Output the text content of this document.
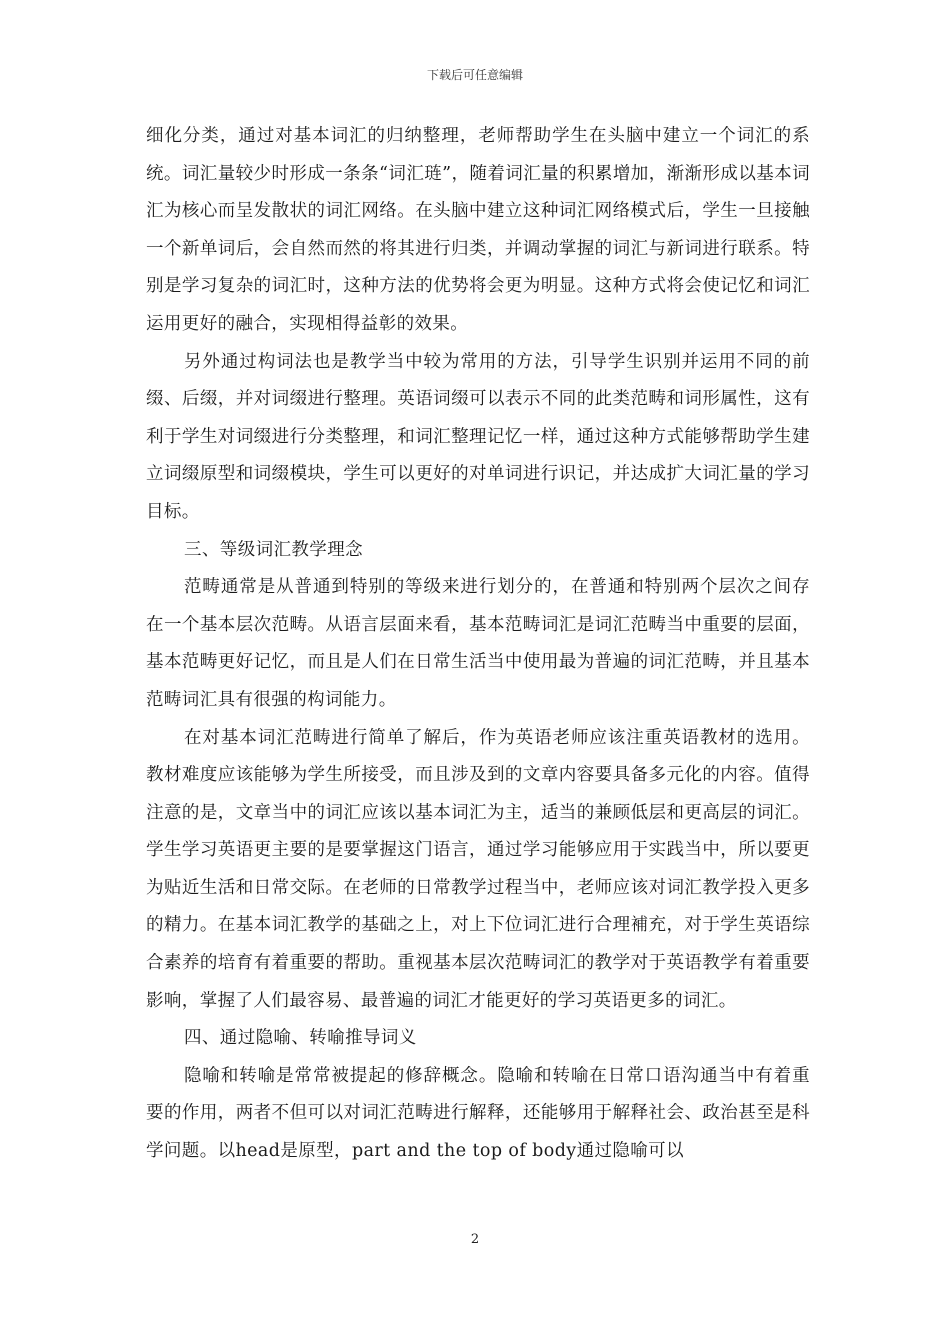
下载后可任意编辑

细化分类，通过对基本词汇的归纳整理，老师帮助学生在头脑中建立一个词汇的系统。词汇量较少时形成一条条“词汇琏”，随着词汇量的积累增加，渐渐形成以基本词汇为核心而呈发散状的词汇网络。在头脑中建立这种词汇网络模式后，学生一旦接触一个新单词后，会自然而然的将其进行归类，并调动掌握的词汇与新词进行联系。特别是学习复杂的词汇时，这种方法的优势将会更为明显。这种方式将会使记忆和词汇运用更好的融合，实现相得益彰的效果。

另外通过构词法也是教学当中较为常用的方法，引导学生识别并运用不同的前缀、后缀，并对词缀进行整理。英语词缀可以表示不同的此类范畴和词形属性，这有利于学生对词缀进行分类整理，和词汇整理记忆一样，通过这种方式能够帮助学生建立词缀原型和词缀模块，学生可以更好的对单词进行识记，并达成扩大词汇量的学习目标。

三、等级词汇教学理念

范畴通常是从普通到特别的等级来进行划分的，在普通和特别两个层次之间存在一个基本层次范畴。从语言层面来看，基本范畴词汇是词汇范畴当中重要的层面，基本范畴更好记忆，而且是人们在日常生活当中使用最为普遍的词汇范畴，并且基本范畴词汇具有很强的构词能力。

在对基本词汇范畴进行简单了解后，作为英语老师应该注重英语教材的选用。教材难度应该能够为学生所接受，而且涉及到的文章内容要具备多元化的内容。值得注意的是，文章当中的词汇应该以基本词汇为主，适当的兼顾低层和更高层的词汇。学生学习英语更主要的是要掌握这门语言，通过学习能够应用于实践当中，所以要更为贴近生活和日常交际。在老师的日常教学过程当中，老师应该对词汇教学投入更多的精力。在基本词汇教学的基础之上，对上下位词汇进行合理補充，对于学生英语综合素养的培育有着重要的帮助。重视基本层次范畴词汇的教学对于英语教学有着重要影响，掌握了人们最容易、最普遍的词汇才能更好的学习英语更多的词汇。

四、通过隐喻、转喻推导词义

隐喻和转喻是常常被提起的修辞概念。隐喻和转喻在日常口语沟通当中有着重要的作用，两者不但可以对词汇范畴进行解释，还能够用于解释社会、政治甚至是科学问题。以head是原型，part and the top of body通过隐喻可以

2
